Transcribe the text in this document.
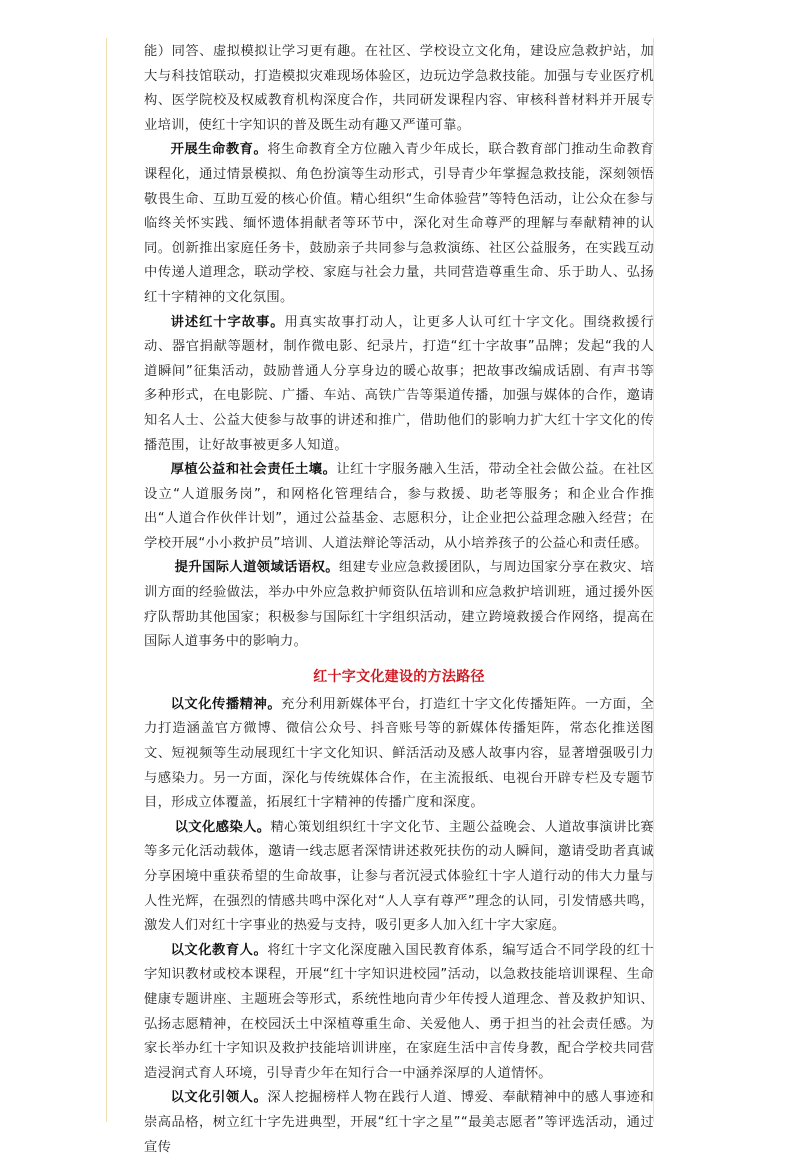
能）同答、虚拟模拟让学习更有趣。在社区、学校设立文化角，建设应急救护站，加大与科技馆联动，打造模拟灾难现场体验区，边玩边学急救技能。加强与专业医疗机构、医学院校及权威教育机构深度合作，共同研发课程内容、审核科普材料并开展专业培训，使红十字知识的普及既生动有趣又严谨可靠。

开展生命教育。将生命教育全方位融入青少年成长，联合教育部门推动生命教育课程化，通过情景模拟、角色扮演等生动形式，引导青少年掌握急救技能，深刻领悟敬畏生命、互助互爱的核心价值。精心组织“生命体验营”等特色活动，让公众在参与临终关怀实践、缅怀遗体捐献者等环节中，深化对生命尊严的理解与奉献精神的认同。创新推出家庭任务卡，鼓励亲子共同参与急救演练、社区公益服务，在实践互动中传递人道理念，联动学校、家庭与社会力量，共同营造尊重生命、乐于助人、弘扬红十字精神的文化氛围。

讲述红十字故事。用真实故事打动人，让更多人认可红十字文化。围绕救援行动、器官捐献等题材，制作微电影、纪录片，打造“红十字故事”品牌；发起“我的人道瞬间”征集活动，鼓励普通人分享身边的暖心故事；把故事改编成话剧、有声书等多种形式，在电影院、广播、车站、高铁广告等渠道传播，加强与媒体的合作，邀请知名人士、公益大使参与故事的讲述和推广，借助他们的影响力扩大红十字文化的传播范围，让好故事被更多人知道。

厚植公益和社会责任土壤。让红十字服务融入生活，带动全社会做公益。在社区设立“人道服务岗”，和网格化管理结合，参与救援、助老等服务；和企业合作推出“人道合作伙伴计划”，通过公益基金、志愿积分，让企业把公益理念融入经营；在学校开展“小小救护员”培训、人道法辩论等活动，从小培养孩子的公益心和责任感。

提升国际人道领域话语权。组建专业应急救援团队，与周边国家分享在救灾、培训方面的经验做法，举办中外应急救护师资队伍培训和应急救护培训班，通过援外医疗队帮助其他国家；积极参与国际红十字组织活动，建立跨境救援合作网络，提高在国际人道事务中的影响力。

红十字文化建设的方法路径

以文化传播精神。充分利用新媒体平台，打造红十字文化传播矩阵。一方面，全力打造涵盖官方微博、微信公众号、抖音账号等的新媒体传播矩阵，常态化推送图文、短视频等生动展现红十字文化知识、鲜活活动及感人故事内容，显著增强吸引力与感染力。另一方面，深化与传统媒体合作，在主流报纸、电视台开辟专栏及专题节目，形成立体覆盖，拓展红十字精神的传播广度和深度。

以文化感染人。精心策划组织红十字文化节、主题公益晚会、人道故事演讲比赛等多元化活动载体，邀请一线志愿者深情讲述救死扶伤的动人瞬间，邀请受助者真诚分享困境中重获希望的生命故事，让参与者沉浸式体验红十字人道行动的伟大力量与人性光辉，在强烈的情感共鸣中深化对“人人享有尊严”理念的认同，引发情感共鸣，激发人们对红十字事业的热爱与支持，吸引更多人加入红十字大家庭。

以文化教育人。将红十字文化深度融入国民教育体系，编写适合不同学段的红十字知识教材或校本课程，开展“红十字知识进校园”活动，以急救技能培训课程、生命健康专题讲座、主题班会等形式，系统性地向青少年传授人道理念、普及救护知识、弘扬志愿精神，在校园沃土中深植尊重生命、关爱他人、勇于担当的社会责任感。为家长举办红十字知识及救护技能培训讲座，在家庭生活中言传身教，配合学校共同营造浸润式育人环境，引导青少年在知行合一中涵养深厚的人道情怀。

以文化引领人。深人挖掘榜样人物在践行人道、博爱、奉献精神中的感人事迹和崇高品格，树立红十字先进典型，开展“红十字之星”“最美志愿者”等评选活动，通过宣传
